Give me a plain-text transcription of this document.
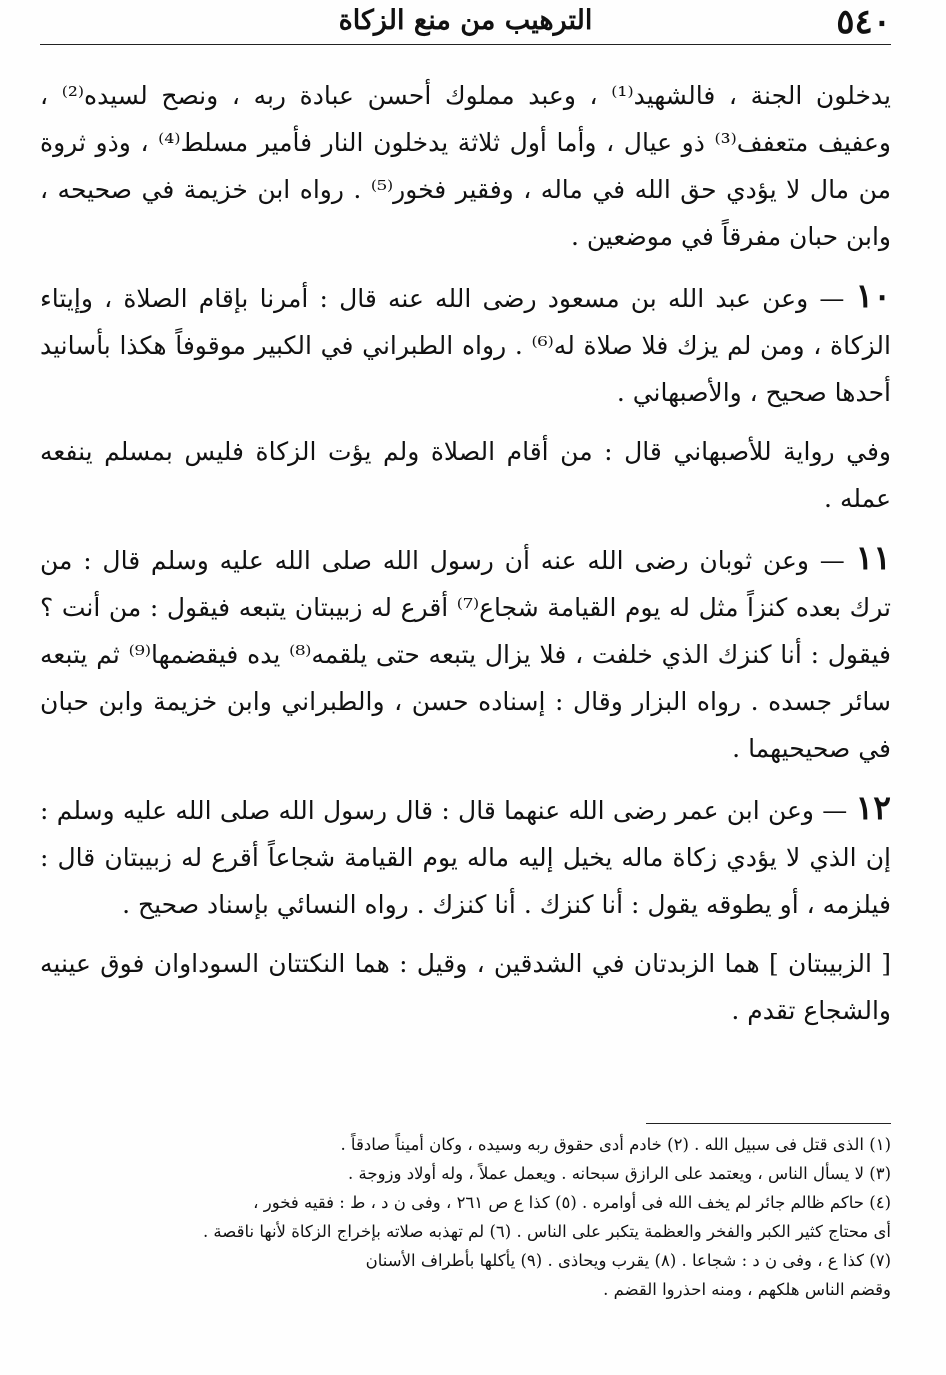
٥٤٠
الترهيب من منع الزكاة

يدخلون الجنة ، فالشهيد⁽¹⁾ ، وعبد مملوك أحسن عبادة ربه ، ونصح لسيده⁽²⁾ ، وعفيف متعفف⁽³⁾ ذو عيال ، وأما أول ثلاثة يدخلون النار فأمير مسلط⁽⁴⁾ ، وذو ثروة من مال لا يؤدي حق الله في ماله ، وفقير فخور⁽⁵⁾ . رواه ابن خزيمة في صحيحه ، وابن حبان مفرقاً في موضعين .

١٠ — وعن عبد الله بن مسعود رضى الله عنه قال : أمرنا بإقام الصلاة ، وإيتاء الزكاة ، ومن لم يزك فلا صلاة له⁽⁶⁾ . رواه الطبراني في الكبير موقوفاً هكذا بأسانيد أحدها صحيح ، والأصبهاني .

وفي رواية للأصبهاني قال : من أقام الصلاة ولم يؤت الزكاة فليس بمسلم ينفعه عمله .

١١ — وعن ثوبان رضى الله عنه أن رسول الله صلى الله عليه وسلم قال : من ترك بعده كنزاً مثل له يوم القيامة شجاع⁽⁷⁾ أقرع له زبيبتان يتبعه فيقول : من أنت ؟ فيقول : أنا كنزك الذي خلفت ، فلا يزال يتبعه حتى يلقمه⁽⁸⁾ يده فيقضمها⁽⁹⁾ ثم يتبعه سائر جسده . رواه البزار وقال : إسناده حسن ، والطبراني وابن خزيمة وابن حبان في صحيحيهما .

١٢ — وعن ابن عمر رضى الله عنهما قال : قال رسول الله صلى الله عليه وسلم : إن الذي لا يؤدي زكاة ماله يخيل إليه ماله يوم القيامة شجاعاً أقرع له زبيبتان قال : فيلزمه ، أو يطوقه يقول : أنا كنزك . أنا كنزك . رواه النسائي بإسناد صحيح .

[ الزبيبتان ] هما الزبدتان في الشدقين ، وقيل : هما النكتتان السوداوان فوق عينيه والشجاع تقدم .

(١) الذى قتل فى سبيل الله . (٢) خادم أدى حقوق ربه وسيده ، وكان أميناً صادقاً .
(٣) لا يسأل الناس ، ويعتمد على الرازق سبحانه . ويعمل عملاً ، وله أولاد وزوجة .
(٤) حاكم ظالم جائر لم يخف الله فى أوامره . (٥) كذا ع ص ٢٦١ ، وفى ن د ، ط : فقيه فخور ،
أى محتاج كثير الكبر والفخر والعظمة يتكبر على الناس . (٦) لم تهذبه صلاته بإخراج الزكاة لأنها ناقصة .
(٧) كذا ع ، وفى ن د : شجاعا . (٨) يقرب ويحاذى . (٩) يأكلها بأطراف الأسنان
وقضم الناس هلكهم ، ومنه احذروا القضم .
